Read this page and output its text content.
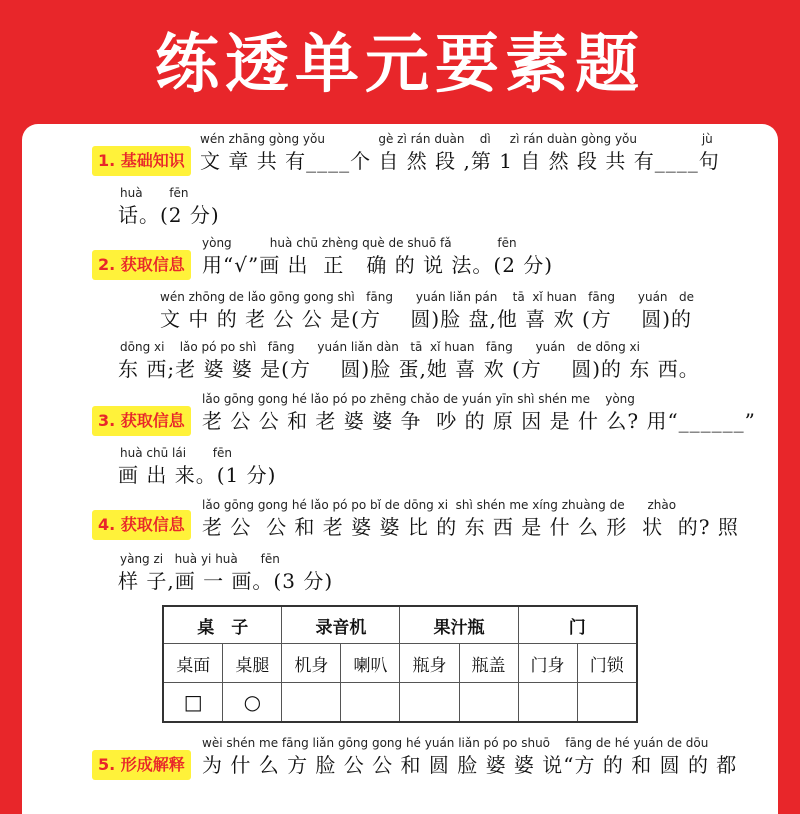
练透单元要素题
1. 基础知识
wén zhāng gòng yǒu              gè zì rán duàn    dì     zì rán duàn gòng yǒu                 jù
文 章 共 有____个 自 然 段 ,第 1 自 然 段 共 有____句
huà       fēn
话。(2 分)
2. 获取信息
yòng          huà chū zhèng què de shuō fǎ            fēn
用“√”画 出  正   确 的 说 法。(2 分)
wén zhōng de lǎo gōng gong shì   fāng      yuán liǎn pán    tā  xǐ huan   fāng      yuán   de
文 中 的 老 公 公 是(方    圆)脸 盘,他 喜 欢 (方    圆)的
dōng xi    lǎo pó po shì   fāng      yuán liǎn dàn   tā  xǐ huan   fāng      yuán   de dōng xi
东 西;老 婆 婆 是(方    圆)脸 蛋,她 喜 欢 (方    圆)的 东 西。
3. 获取信息
lǎo gōng gong hé lǎo pó po zhēng chǎo de yuán yīn shì shén me    yòng
老 公 公 和 老 婆 婆 争  吵 的 原 因 是 什 么? 用“______”
huà chū lái       fēn
画 出 来。(1 分)
4. 获取信息
lǎo gōng gong hé lǎo pó po bǐ de dōng xi  shì shén me xíng zhuàng de      zhào
老 公  公 和 老 婆 婆 比 的 东 西 是 什 么 形  状  的? 照
yàng zi   huà yi huà      fēn
样 子,画 一 画。(3 分)
桌　子		录音机		果汁瓶		门	
桌面	桌腿	机身	喇叭	瓶身	瓶盖	门身	门锁
□	○						
5. 形成解释
wèi shén me fāng liǎn gōng gong hé yuán liǎn pó po shuō    fāng de hé yuán de dōu
为 什 么 方 脸 公 公 和 圆 脸 婆 婆 说“方 的 和 圆 的 都
